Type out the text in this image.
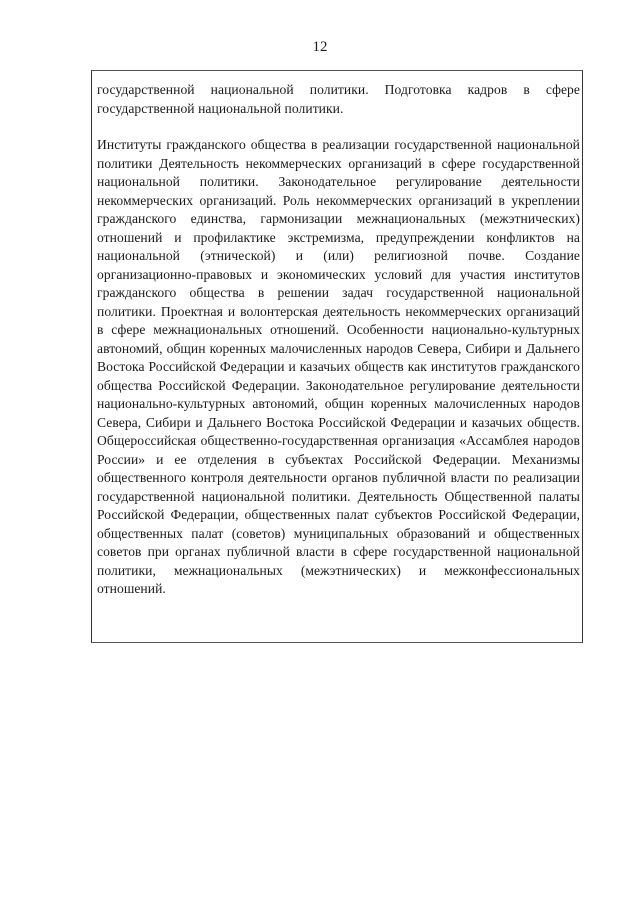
12

государственной национальной политики. Подготовка кадров в сфере государственной национальной политики.

Институты гражданского общества в реализации государственной национальной политики Деятельность некоммерческих организаций в сфере государственной национальной политики. Законодательное регулирование деятельности некоммерческих организаций. Роль некоммерческих организаций в укреплении гражданского единства, гармонизации межнациональных (межэтнических) отношений и профилактике экстремизма, предупреждении конфликтов на национальной (этнической) и (или) религиозной почве. Создание организационно-правовых и экономических условий для участия институтов гражданского общества в решении задач государственной национальной политики. Проектная и волонтерская деятельность некоммерческих организаций в сфере межнациональных отношений. Особенности национально-культурных автономий, общин коренных малочисленных народов Севера, Сибири и Дальнего Востока Российской Федерации и казачьих обществ как институтов гражданского общества Российской Федерации. Законодательное регулирование деятельности национально-культурных автономий, общин коренных малочисленных народов Севера, Сибири и Дальнего Востока Российской Федерации и казачьих обществ. Общероссийская общественно-государственная организация «Ассамблея народов России» и ее отделения в субъектах Российской Федерации. Механизмы общественного контроля деятельности органов публичной власти по реализации государственной национальной политики. Деятельность Общественной палаты Российской Федерации, общественных палат субъектов Российской Федерации, общественных палат (советов) муниципальных образований и общественных советов при органах публичной власти в сфере государственной национальной политики, межнациональных (межэтнических) и межконфессиональных отношений.
